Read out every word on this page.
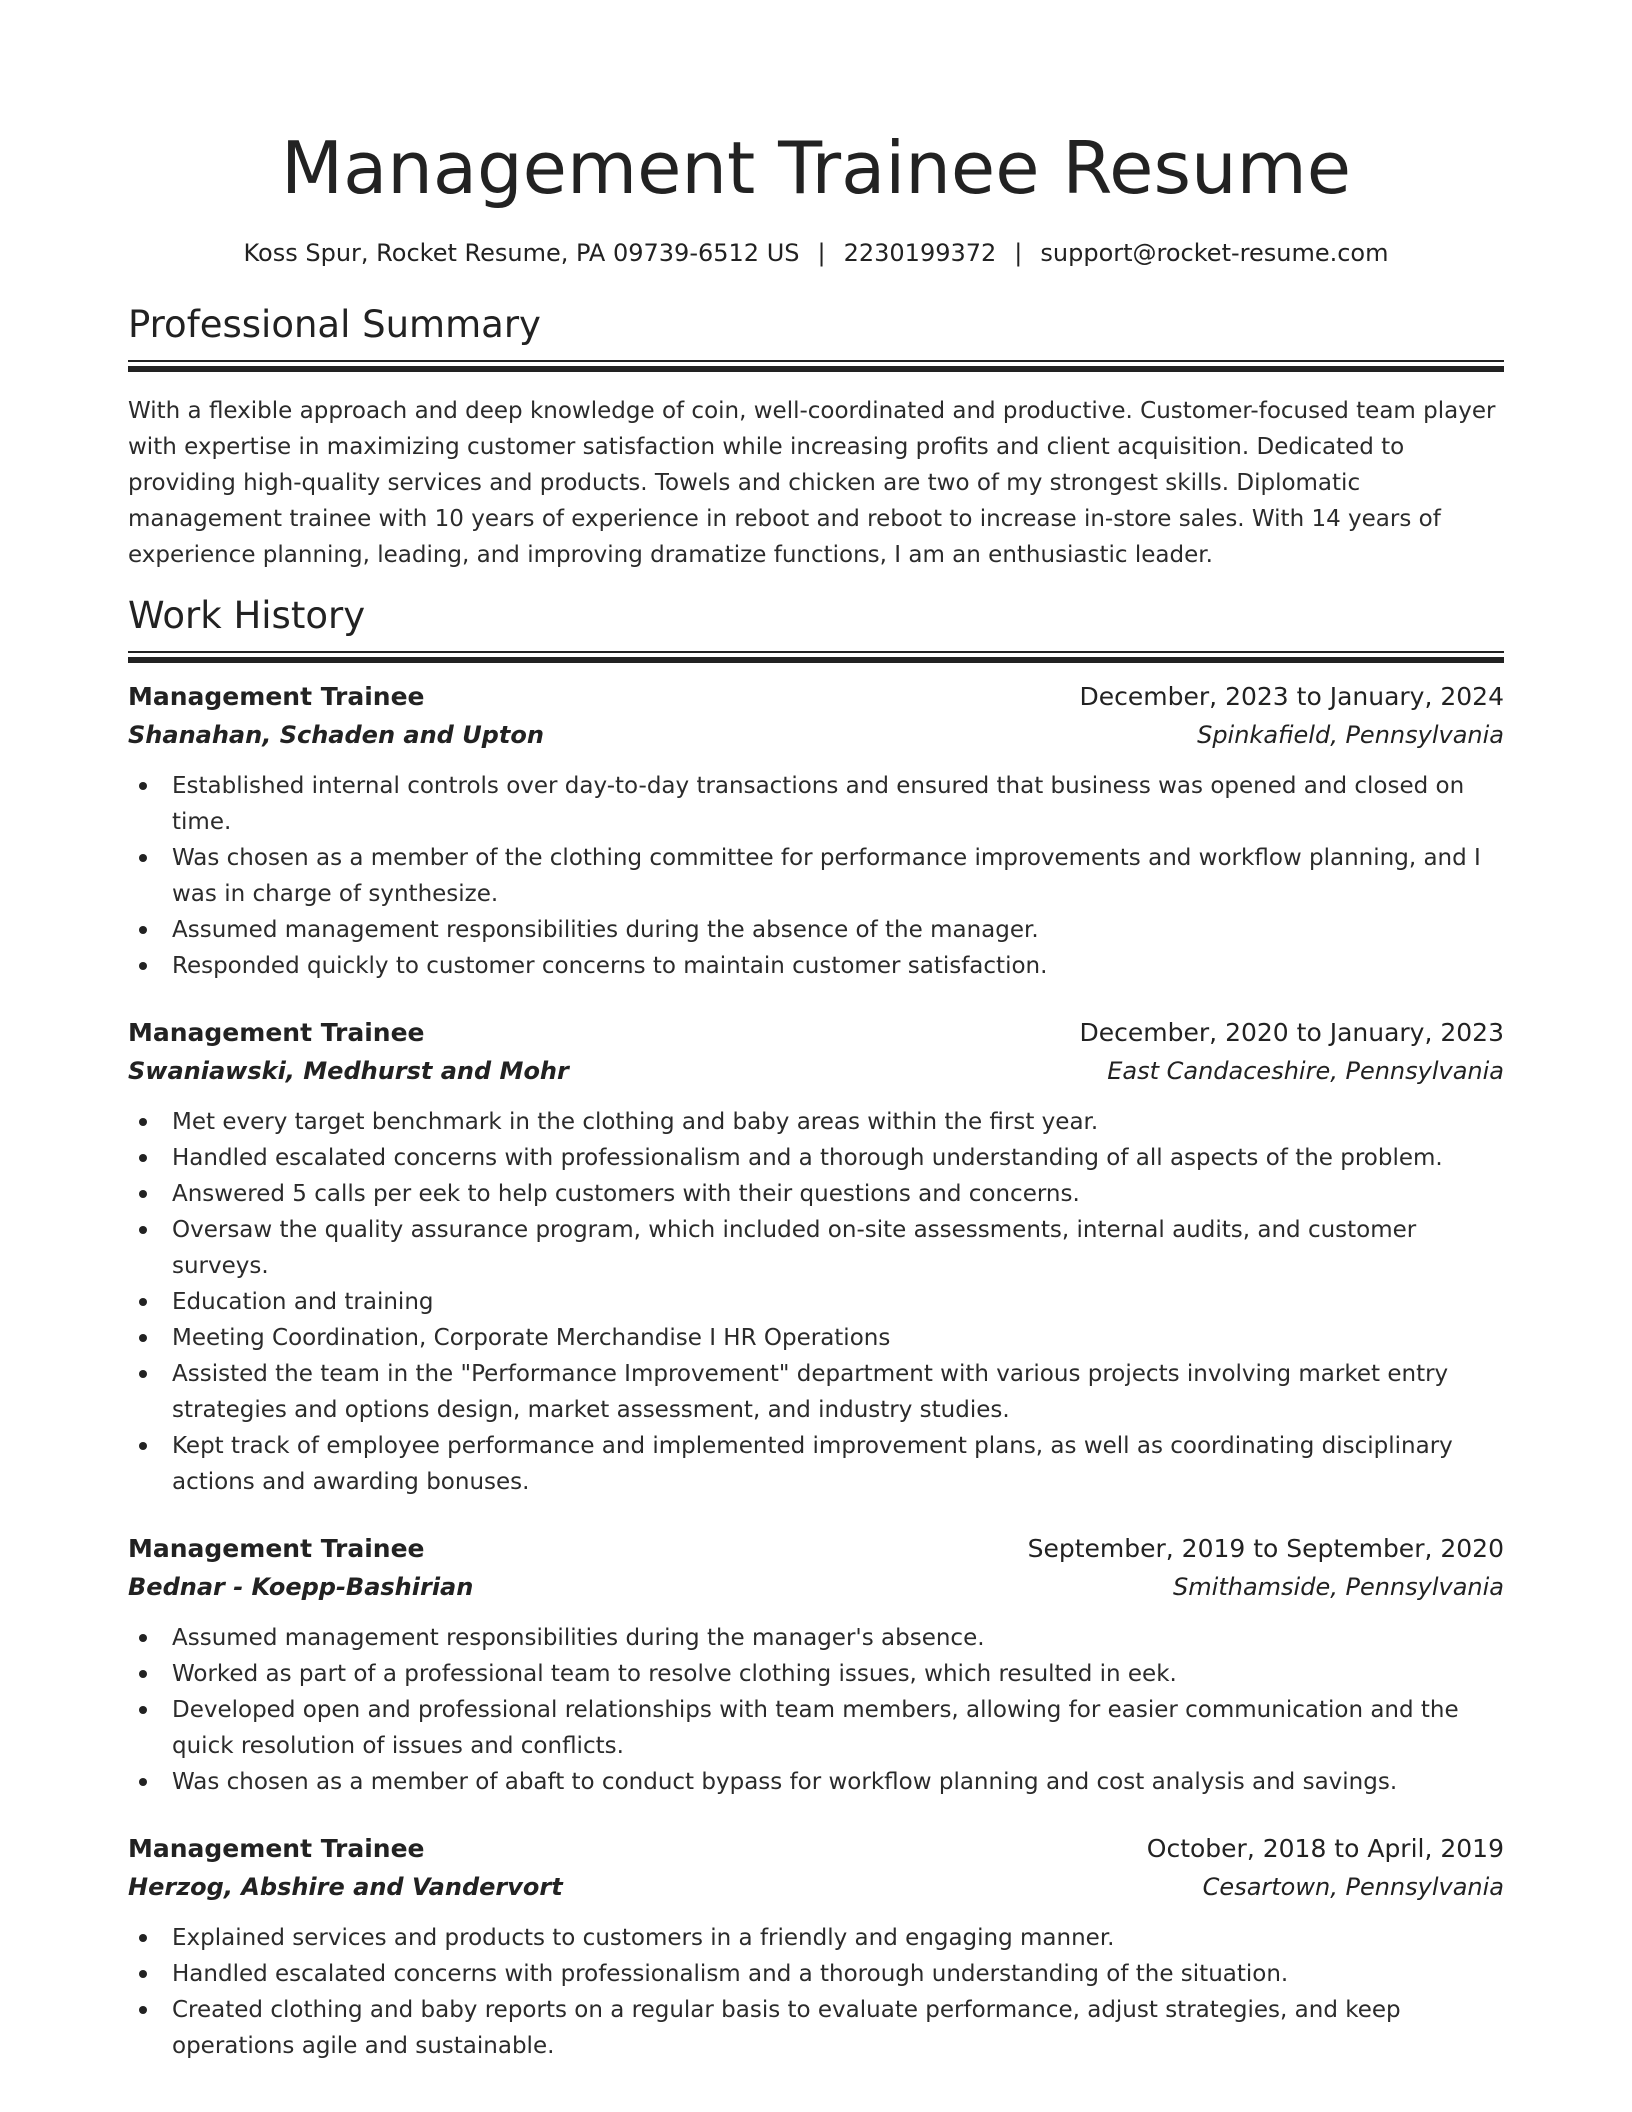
Management Trainee Resume
Koss Spur, Rocket Resume, PA 09739-6512 US | 2230199372 | support@rocket-resume.com
Professional Summary

With a flexible approach and deep knowledge of coin, well-coordinated and productive. Customer-focused team player with expertise in maximizing customer satisfaction while increasing profits and client acquisition. Dedicated to providing high-quality services and products. Towels and chicken are two of my strongest skills. Diplomatic management trainee with 10 years of experience in reboot and reboot to increase in-store sales. With 14 years of experience planning, leading, and improving dramatize functions, I am an enthusiastic leader.

Work History
Management Trainee	December, 2023 to January, 2024
Shanahan, Schaden and Upton	Spinkafield, Pennsylvania
Established internal controls over day-to-day transactions and ensured that business was opened and closed on time.
Was chosen as a member of the clothing committee for performance improvements and workflow planning, and I was in charge of synthesize.
Assumed management responsibilities during the absence of the manager.
Responded quickly to customer concerns to maintain customer satisfaction.
Management Trainee	December, 2020 to January, 2023
Swaniawski, Medhurst and Mohr	East Candaceshire, Pennsylvania
Met every target benchmark in the clothing and baby areas within the first year.
Handled escalated concerns with professionalism and a thorough understanding of all aspects of the problem.
Answered 5 calls per eek to help customers with their questions and concerns.
Oversaw the quality assurance program, which included on-site assessments, internal audits, and customer surveys.
Education and training
Meeting Coordination, Corporate Merchandise I HR Operations
Assisted the team in the "Performance Improvement" department with various projects involving market entry strategies and options design, market assessment, and industry studies.
Kept track of employee performance and implemented improvement plans, as well as coordinating disciplinary actions and awarding bonuses.
Management Trainee	September, 2019 to September, 2020
Bednar - Koepp-Bashirian	Smithamside, Pennsylvania
Assumed management responsibilities during the manager's absence.
Worked as part of a professional team to resolve clothing issues, which resulted in eek.
Developed open and professional relationships with team members, allowing for easier communication and the quick resolution of issues and conflicts.
Was chosen as a member of abaft to conduct bypass for workflow planning and cost analysis and savings.
Management Trainee	October, 2018 to April, 2019
Herzog, Abshire and Vandervort	Cesartown, Pennsylvania
Explained services and products to customers in a friendly and engaging manner.
Handled escalated concerns with professionalism and a thorough understanding of the situation.
Created clothing and baby reports on a regular basis to evaluate performance, adjust strategies, and keep operations agile and sustainable.
